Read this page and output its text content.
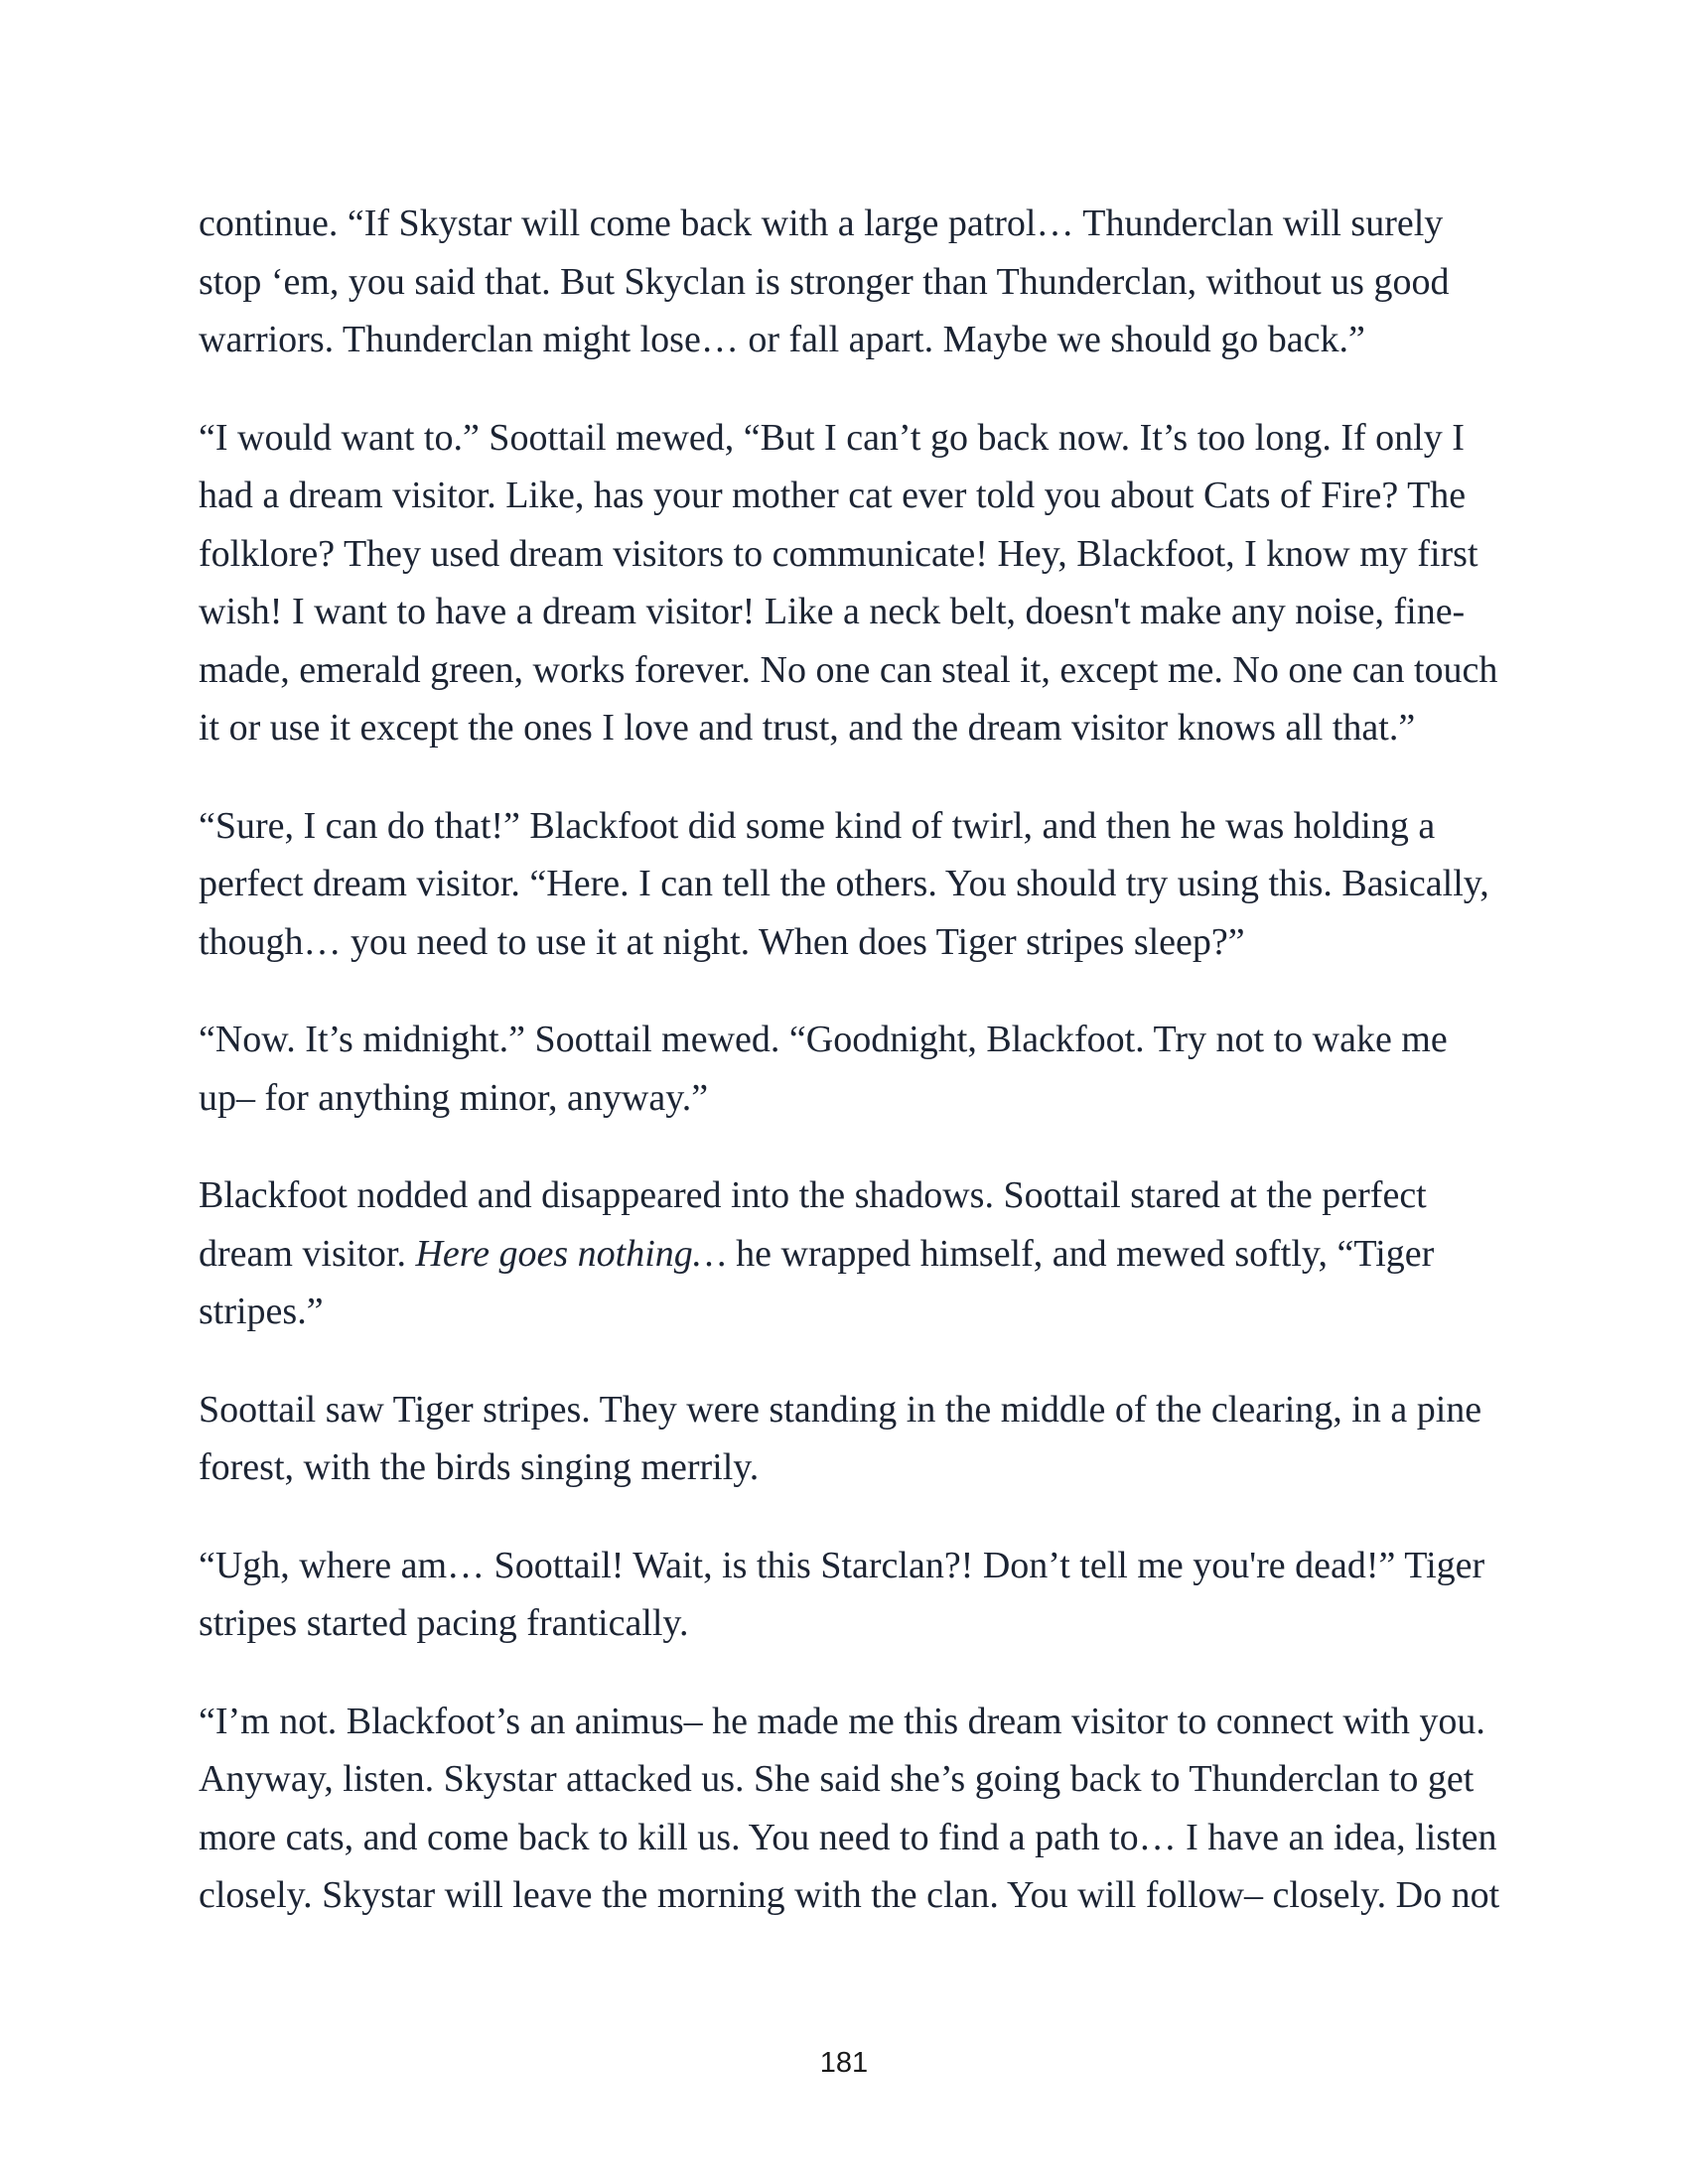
continue. “If Skystar will come back with a large patrol… Thunderclan will surely stop ‘em, you said that. But Skyclan is stronger than Thunderclan, without us good warriors. Thunderclan might lose… or fall apart. Maybe we should go back.”

“I would want to.” Soottail mewed, “But I can’t go back now. It’s too long. If only I had a dream visitor. Like, has your mother cat ever told you about Cats of Fire? The folklore? They used dream visitors to communicate! Hey, Blackfoot, I know my first wish! I want to have a dream visitor! Like a neck belt, doesn't make any noise, fine-made, emerald green, works forever. No one can steal it, except me. No one can touch it or use it except the ones I love and trust, and the dream visitor knows all that.”

“Sure, I can do that!” Blackfoot did some kind of twirl, and then he was holding a perfect dream visitor. “Here. I can tell the others. You should try using this. Basically, though… you need to use it at night. When does Tiger stripes sleep?”

“Now. It’s midnight.” Soottail mewed. “Goodnight, Blackfoot. Try not to wake me up– for anything minor, anyway.”

Blackfoot nodded and disappeared into the shadows. Soottail stared at the perfect dream visitor. Here goes nothing… he wrapped himself, and mewed softly, “Tiger stripes.”

Soottail saw Tiger stripes. They were standing in the middle of the clearing, in a pine forest, with the birds singing merrily.

“Ugh, where am… Soottail! Wait, is this Starclan?! Don’t tell me you're dead!” Tiger stripes started pacing frantically.

“I’m not. Blackfoot’s an animus– he made me this dream visitor to connect with you. Anyway, listen. Skystar attacked us. She said she’s going back to Thunderclan to get more cats, and come back to kill us. You need to find a path to… I have an idea, listen closely. Skystar will leave the morning with the clan. You will follow– closely. Do not

181
